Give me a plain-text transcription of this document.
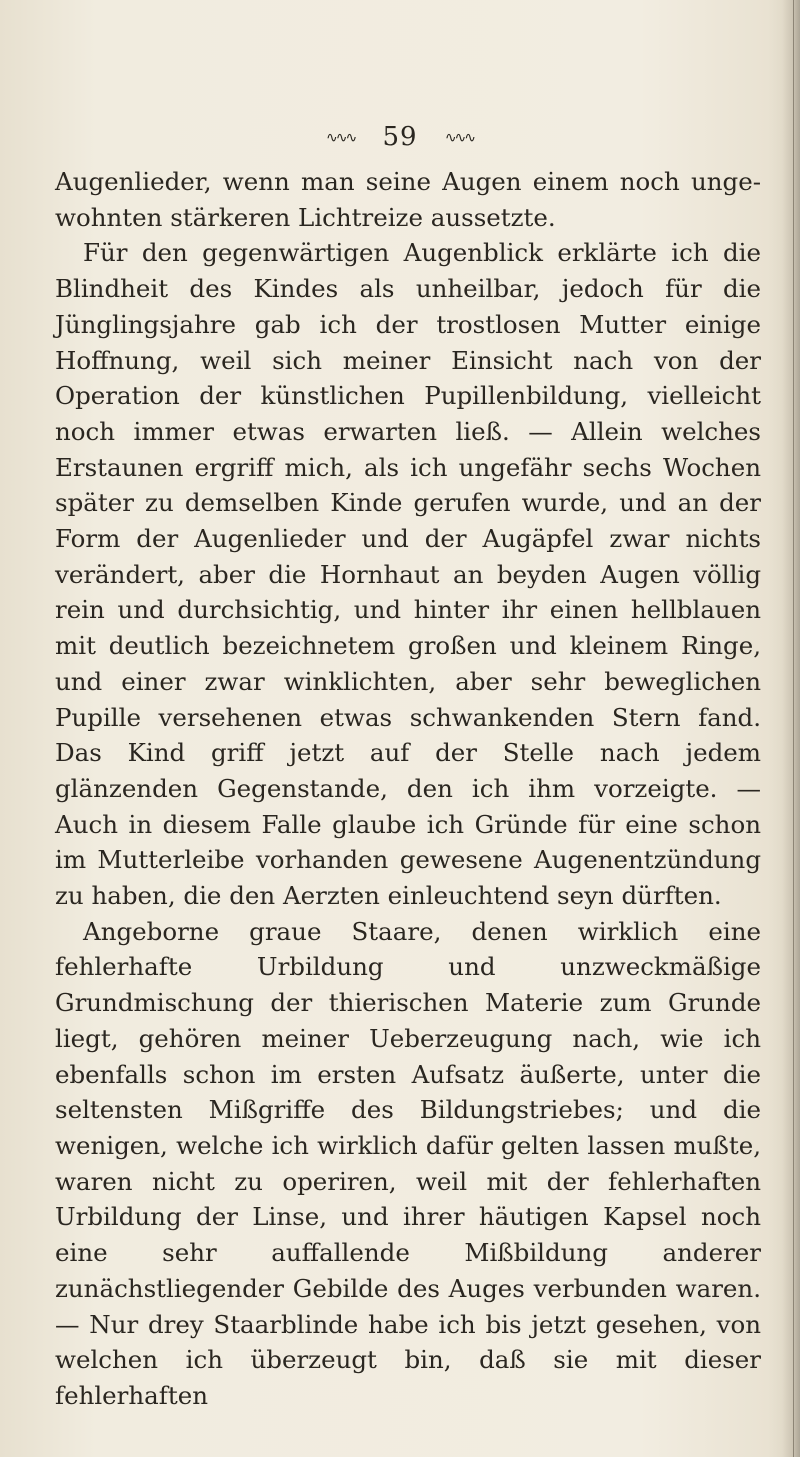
∿∿∿ 59 ∿∿∿

Augenlieder, wenn man seine Augen einem noch unge-wohnten stärkeren Lichtreize aussetzte.

Für den gegenwärtigen Augenblick erklärte ich die Blindheit des Kindes als unheilbar, jedoch für die Jünglingsjahre gab ich der trostlosen Mutter einige Hoffnung, weil sich meiner Einsicht nach von der Operation der künstlichen Pupillenbildung, vielleicht noch immer etwas erwarten ließ. — Allein welches Erstaunen ergriff mich, als ich ungefähr sechs Wochen später zu demselben Kinde gerufen wurde, und an der Form der Augenlieder und der Augäpfel zwar nichts verändert, aber die Hornhaut an beyden Augen völlig rein und durchsichtig, und hinter ihr einen hellblauen mit deutlich bezeichnetem großen und kleinem Ringe, und einer zwar winklichten, aber sehr beweglichen Pupille versehenen etwas schwankenden Stern fand. Das Kind griff jetzt auf der Stelle nach jedem glänzenden Gegenstande, den ich ihm vorzeigte. — Auch in diesem Falle glaube ich Gründe für eine schon im Mutterleibe vorhanden gewesene Augenentzündung zu haben, die den Aerzten einleuchtend seyn dürften.

Angeborne graue Staare, denen wirklich eine fehlerhafte Urbildung und unzweckmäßige Grundmischung der thierischen Materie zum Grunde liegt, gehören meiner Ueberzeugung nach, wie ich ebenfalls schon im ersten Aufsatz äußerte, unter die seltensten Mißgriffe des Bildungstriebes; und die wenigen, welche ich wirklich dafür gelten lassen mußte, waren nicht zu operiren, weil mit der fehlerhaften Urbildung der Linse, und ihrer häutigen Kapsel noch eine sehr auffallende Mißbildung anderer zunächstliegender Gebilde des Auges verbunden waren. — Nur drey Staarblinde habe ich bis jetzt gesehen, von welchen ich überzeugt bin, daß sie mit dieser fehlerhaften
